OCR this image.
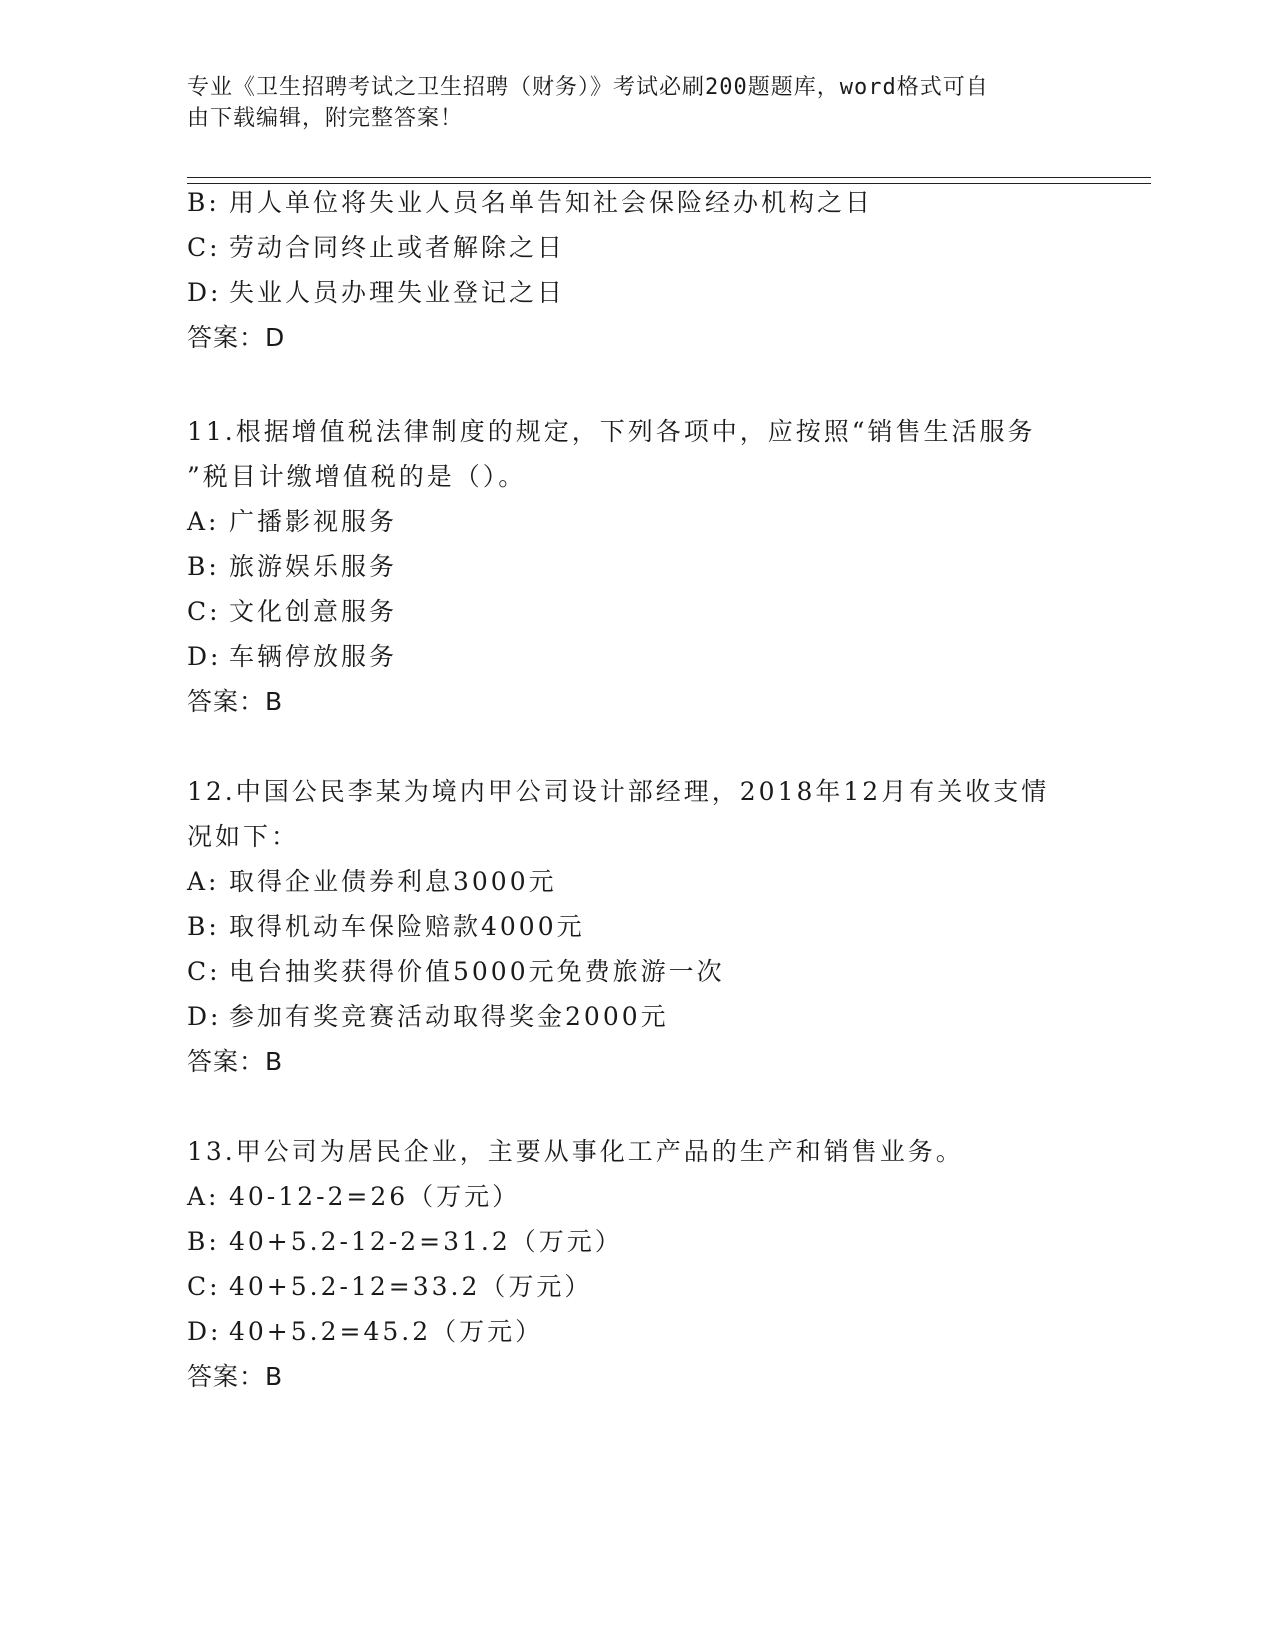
专业《卫生招聘考试之卫生招聘（财务）》考试必刷200题题库，word格式可自
由下载编辑，附完整答案！
B: 用人单位将失业人员名单告知社会保险经办机构之日
C: 劳动合同终止或者解除之日
D: 失业人员办理失业登记之日
答案：D
11.根据增值税法律制度的规定，下列各项中，应按照“销售生活服务
”税目计缴增值税的是（）。
A: 广播影视服务
B: 旅游娱乐服务
C: 文化创意服务
D: 车辆停放服务
答案：B
12.中国公民李某为境内甲公司设计部经理，2018年12月有关收支情
况如下：
A: 取得企业债券利息3000元
B: 取得机动车保险赔款4000元
C: 电台抽奖获得价值5000元免费旅游一次
D: 参加有奖竞赛活动取得奖金2000元
答案：B
13.甲公司为居民企业，主要从事化工产品的生产和销售业务。
A: 40-12-2=26（万元）
B: 40+5.2-12-2=31.2（万元）
C: 40+5.2-12=33.2（万元）
D: 40+5.2=45.2（万元）
答案：B
